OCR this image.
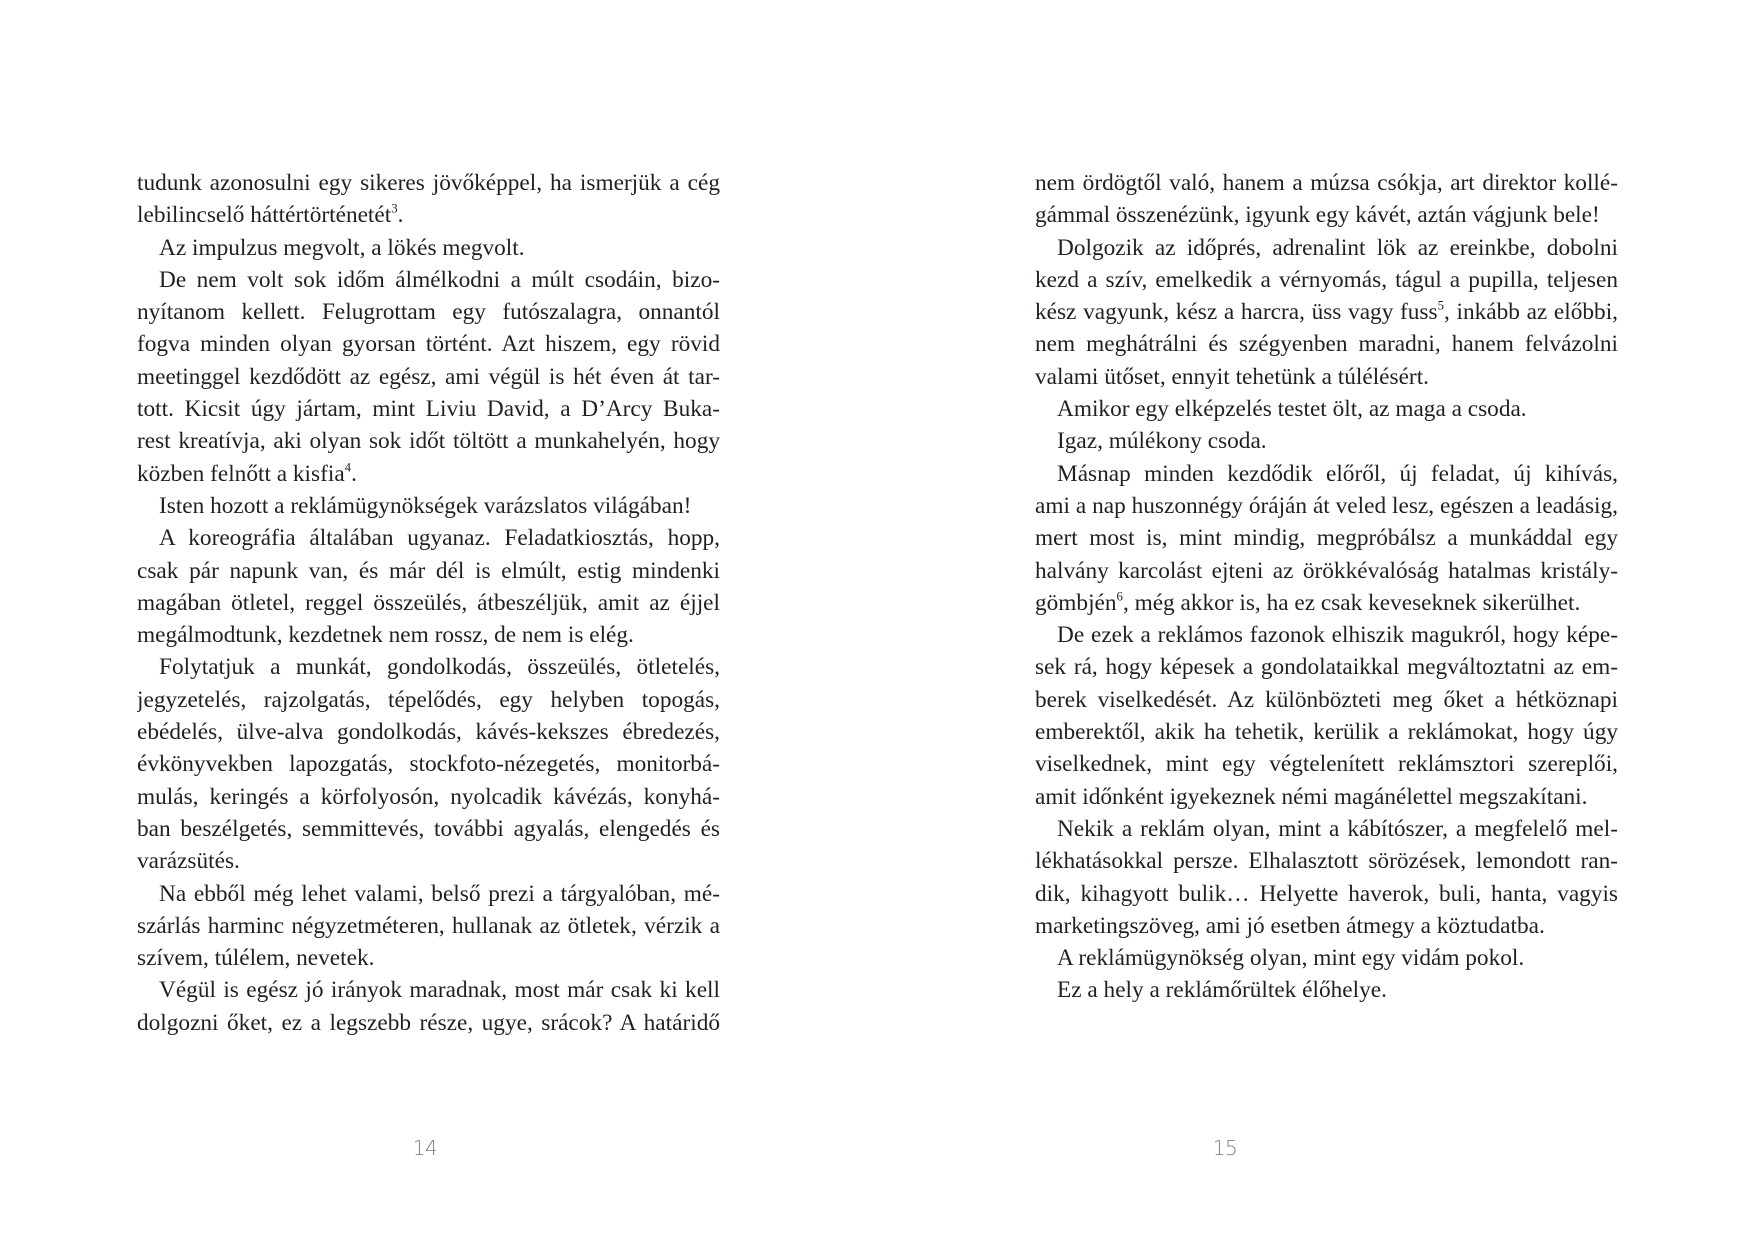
tudunk azonosulni egy sikeres jövőképpel, ha ismerjük a cég
lebilincselő háttértörténetét$^3$.
Az impulzus megvolt, a lökés megvolt.
De nem volt sok időm álmélkodni a múlt csodáin, bizo-
nyítanom kellett. Felugrottam egy futószalagra, onnantól
fogva minden olyan gyorsan történt. Azt hiszem, egy rövid
meetinggel kezdődött az egész, ami végül is hét éven át tar-
tott. Kicsit úgy jártam, mint Liviu David, a D’Arcy Buka-
rest kreatívja, aki olyan sok időt töltött a munkahelyén, hogy
közben felnőtt a kisfia$^4$.
Isten hozott a reklámügynökségek varázslatos világában!
A koreográfia általában ugyanaz. Feladatkiosztás, hopp,
csak pár napunk van, és már dél is elmúlt, estig mindenki
magában ötletel, reggel összeülés, átbeszéljük, amit az éjjel
megálmodtunk, kezdetnek nem rossz, de nem is elég.
Folytatjuk a munkát, gondolkodás, összeülés, ötletelés,
jegyzetelés, rajzolgatás, tépelődés, egy helyben topogás,
ebédelés, ülve-alva gondolkodás, kávés-kekszes ébredezés,
évkönyvekben lapozgatás, stockfoto-nézegetés, monitorbá-
mulás, keringés a körfolyosón, nyolcadik kávézás, konyhá-
ban beszélgetés, semmittevés, további agyalás, elengedés és
varázsütés.
Na ebből még lehet valami, belső prezi a tárgyalóban, mé-
szárlás harminc négyzetméteren, hullanak az ötletek, vérzik a
szívem, túlélem, nevetek.
Végül is egész jó irányok maradnak, most már csak ki kell
dolgozni őket, ez a legszebb része, ugye, srácok? A határidő
14
nem ördögtől való, hanem a múzsa csókja, art direktor kollé-
gámmal összenézünk, igyunk egy kávét, aztán vágjunk bele!
Dolgozik az időprés, adrenalint lök az ereinkbe, dobolni
kezd a szív, emelkedik a vérnyomás, tágul a pupilla, teljesen
kész vagyunk, kész a harcra, üss vagy fuss$^5$, inkább az előbbi,
nem meghátrálni és szégyenben maradni, hanem felvázolni
valami ütőset, ennyit tehetünk a túlélésért.
Amikor egy elképzelés testet ölt, az maga a csoda.
Igaz, múlékony csoda.
Másnap minden kezdődik előről, új feladat, új kihívás,
ami a nap huszonnégy óráján át veled lesz, egészen a leadásig,
mert most is, mint mindig, megpróbálsz a munkáddal egy
halvány karcolást ejteni az örökkévalóság hatalmas kristály-
gömbjén$^6$, még akkor is, ha ez csak keveseknek sikerülhet.
De ezek a reklámos fazonok elhiszik magukról, hogy képe-
sek rá, hogy képesek a gondolataikkal megváltoztatni az em-
berek viselkedését. Az különbözteti meg őket a hétköznapi
emberektől, akik ha tehetik, kerülik a reklámokat, hogy úgy
viselkednek, mint egy végtelenített reklámsztori szereplői,
amit időnként igyekeznek némi magánélettel megszakítani.
Nekik a reklám olyan, mint a kábítószer, a megfelelő mel-
lékhatásokkal persze. Elhalasztott sörözések, lemondott ran-
dik, kihagyott bulik… Helyette haverok, buli, hanta, vagyis
marketingszöveg, ami jó esetben átmegy a köztudatba.
A reklámügynökség olyan, mint egy vidám pokol.
Ez a hely a reklámőrültek élőhelye.
15
